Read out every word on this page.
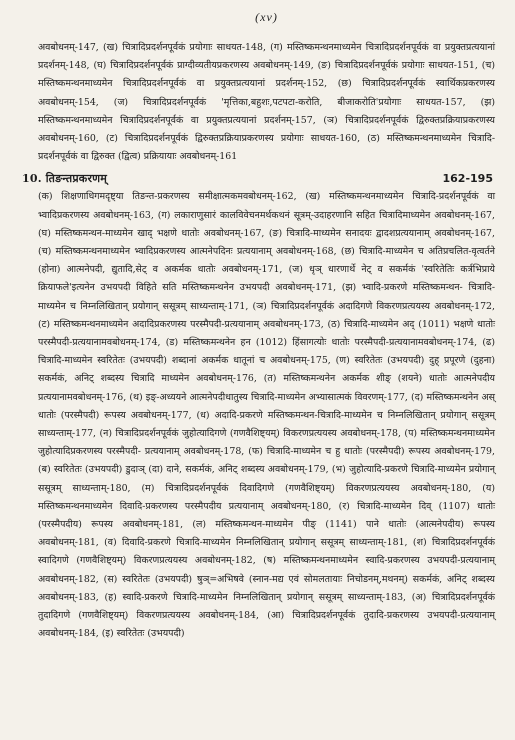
(xv)

अवबोधनम्-147, (ख) चित्रादिप्रदर्शनपूर्वकं प्रयोगाः साधयत-148, (ग) मस्तिष्कमन्थनमाध्यमेन चित्रादिप्रदर्शनपूर्वकं वा प्रयुक्तप्रत्ययानां प्रदर्शनम्-148, (घ) चित्रादिप्रदर्शनपूर्वकं प्राग्दीव्यतीयप्रकरणस्य अवबोधनम्-149, (ङ) चित्रादिप्रदर्शनपूर्वकं प्रयोगाः साधयत-151, (च) मस्तिष्कमन्थनमाध्यमेन चित्रादिप्रदर्शनपूर्वकं वा प्रयुक्तप्रत्ययानां प्रदर्शनम्-152, (छ) चित्रादिप्रदर्शनपूर्वकं स्वार्थिकप्रकरणस्य अवबोधनम्-154, (ज) चित्रादिप्रदर्शनपूर्वकं 'मृत्तिका,बहुशः,पटपटा-करोति, बीजाकरोति'प्रयोगाः साधयत-157, (झ) मस्तिष्कमन्थनमाध्यमेन चित्रादिप्रदर्शनपूर्वकं वा प्रयुक्तप्रत्ययानां प्रदर्शनम्-157, (ञ) चित्रादिप्रदर्शनपूर्वकं द्विरुक्तप्रक्रियाप्रकरणस्य अवबोधनम्-160, (ट) चित्रादिप्रदर्शनपूर्वकं द्विरुक्तप्रक्रियाप्रकरणस्य प्रयोगाः साधयत-160, (ठ) मस्तिष्कमन्थनमाध्यमेन चित्रादि-प्रदर्शनपूर्वकं वा द्विरुक्त (द्वित्व) प्रक्रियायाः अवबोधनम्-161

10. तिङन्तप्रकरणम्	162-195

(क) शिक्षणाधिगमदृष्ट्या तिङन्त-प्रकरणस्य समीक्षात्मकमवबोधनम्-162, (ख) मस्तिष्कमन्थनमाध्यमेन चित्रादि-प्रदर्शनपूर्वकं वा भ्वादिप्रकरणस्य अवबोधनम्-163, (ग) लकाराणुसारं कालविवेचनमर्थकथनं सूत्रम्-उदाहरणानि सहित चित्रादिमाध्यमेन अवबोधनम्-167, (घ) मस्तिष्कमन्थन-माध्यमेन खाद् भक्षणे धातोः अवबोधनम्-167, (ङ) चित्रादि-माध्यमेन सनादयः द्वादशप्रत्ययानाम् अवबोधनम्-167, (च) मस्तिष्कमन्थनमाध्यमेन भ्वादिप्रकरणस्य आत्मनेपदिनः प्रत्ययानाम् अवबोधनम्-168, (छ) चित्रादि-माध्यमेन च अतिप्रचलित-वृत्वर्तने (होना) आत्मनेपदी, द्युतादि,सेट् व अकर्मक धातोः अवबोधनम्-171, (ज) धृञ् धारणार्थे नेट् व सकर्मकं 'स्वरितेतिः कर्त्रभिप्राये क्रियाफले'इत्यनेन उभयपदी विहिते सति मस्तिष्कमन्थनेन उभयपदी अवबोधनम्-171, (झ) भ्वादि-प्रकरणे मस्तिष्कमन्थन- चित्रादि-माध्यमेन च निम्नलिखितान् प्रयोगान् ससूत्रम् साध्यन्ताम्-171, (ञ) चित्रादिप्रदर्शनपूर्वकं अदादिगणे विकरणप्रत्ययस्य अवबोधनम्-172, (ट) मस्तिष्कमन्थनमाध्यमेन अदादिप्रकरणस्य परस्मैपदी-प्रत्ययानाम् अवबोधनम्-173, (ठ) चित्रादि-माध्यमेन अद् (1011) भक्षणे धातोः परस्मैपदी-प्रत्ययानामवबोधनम्-174, (ड) मस्तिष्कमन्थनेन हन (1012) हिंसागत्योः धातोः परस्मैपदी-प्रत्ययानामवबोधनम्-174, (ढ) चित्रादि-माध्यमेन स्वरितेतः (उभयपदी) शब्दानां अकर्मक धातूनां च अवबोधनम्-175, (ण) स्वरितेतः (उभयपदी) दुह् प्रपूरणे (दुहना) सकर्मकं, अनिट् शब्दस्य चित्रादि माध्यमेन अवबोधनम्-176, (त) मस्तिष्कमन्थनेन अकर्मक शीङ् (शयने) धातोः आत्मनेपदीय प्रत्ययानामवबोधनम्-176, (थ) इङ्-अध्ययने आत्मनेपदीधातुस्य चित्रादि-माध्यमेन अभ्यासात्मकं विवरणम्-177, (द) मस्तिष्कमन्थनेन अस् धातोः (परस्मैपदी) रूपस्य अवबोधनम्-177, (ध) अदादि-प्रकरणे मस्तिष्कमन्थन-चित्रादि-माध्यमेन च निम्नलिखितान् प्रयोगान् ससूत्रम् साध्यन्ताम्-177, (न) चित्रादिप्रदर्शनपूर्वकं जुहोत्यादिगणे (गणवैशिष्ट्यम्) विकरणप्रत्ययस्य अवबोधनम्-178, (प) मस्तिष्कमन्थनमाध्यमेन जुहोत्यादिप्रकरणस्य परस्मैपदी- प्रत्ययानाम् अवबोधनम्-178, (फ) चित्रादि-माध्यमेन च हु धातोः (परस्मैपदी) रूपस्य अवबोधनम्-179, (ब) स्वरितेतः (उभयपदी) डुदाञ् (दा) दाने, सकर्मकं, अनिट् शब्दस्य अवबोधनम्-179, (भ) जुहोत्यादि-प्रकरणे चित्रादि-माध्यमेन प्रयोगान् ससूत्रम् साध्यन्ताम्-180, (म) चित्रादिप्रदर्शनपूर्वकं दिवादिगणे (गणवैशिष्ट्यम्) विकरणप्रत्ययस्य अवबोधनम्-180, (य) मस्तिष्कमन्थनमाध्यमेन दिवादि-प्रकरणस्य परस्मैपदीय प्रत्ययानाम् अवबोधनम्-180, (र) चित्रादि-माध्यमेन दिव् (1107) धातोः (परस्मैपदीय) रूपस्य अवबोधनम्-181, (ल) मस्तिष्कमन्थन-माध्यमेन पीङ् (1141) पाने धातोः (आत्मनेपदीय) रूपस्य अवबोधनम्-181, (व) दिवादि-प्रकरणे चित्रादि-माध्यमेन निम्नलिखितान् प्रयोगान् ससूत्रम् साध्यन्ताम्-181, (श) चित्रादिप्रदर्शनपूर्वकं स्वादिगणे (गणवैशिष्ट्यम्) विकरणप्रत्ययस्य अवबोधनम्-182, (ष) मस्तिष्कमन्थनमाध्यमेन स्वादि-प्रकरणस्य उभयपदी-प्रत्ययानाम् अवबोधनम्-182, (स) स्वरितेतः (उभयपदी) षुञ्=अभिषवे (स्नान-मद्य एवं सोमलतायाः निचोडनम्,मथनम्) सकर्मकं, अनिट् शब्दस्य अवबोधनम्-183, (ह) स्वादि-प्रकरणे चित्रादि-माध्यमेन निम्नलिखितान् प्रयोगान् ससूत्रम् साध्यन्ताम्-183, (अ) चित्रादिप्रदर्शनपूर्वकं तुदादिगणे (गणवैशिष्ट्यम्) विकरणप्रत्ययस्य अवबोधनम्-184, (आ) चित्रादिप्रदर्शनपूर्वकं तुदादि-प्रकरणस्य उभयपदी-प्रत्ययानाम् अवबोधनम्-184, (इ) स्वरितेतः (उभयपदी)
